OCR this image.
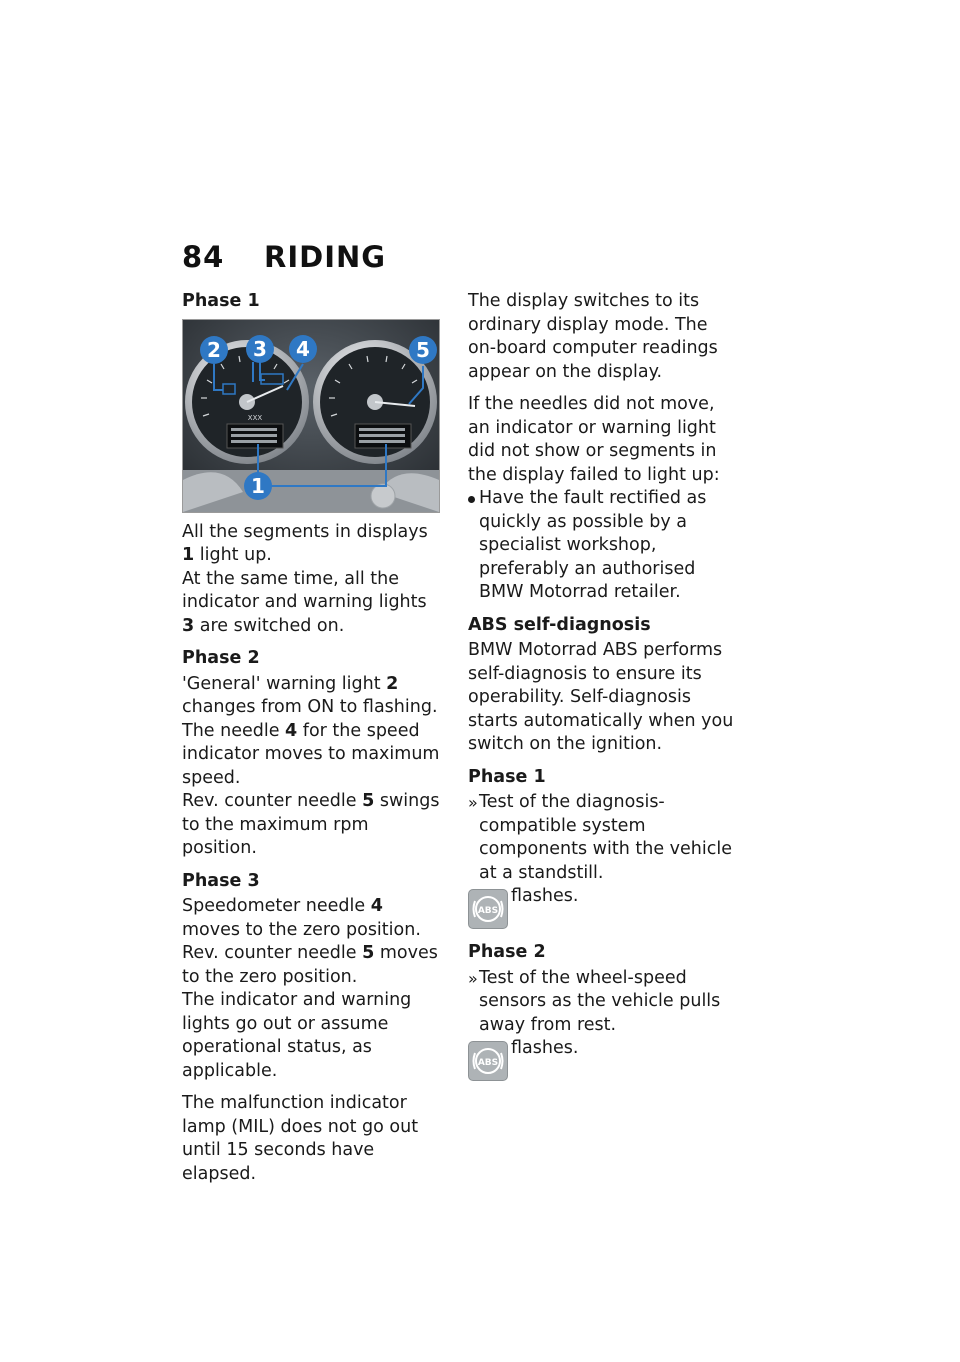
84 RIDING
Phase 1
XXX
2 3 4	5
1

All the segments in displays 1 light up.

At the same time, all the indicator and warning lights 3 are switched on.

Phase 2

'General' warning light 2 changes from ON to flashing.

The needle 4 for the speed indicator moves to maximum speed.

Rev. counter needle 5 swings to the maximum rpm position.

Phase 3

Speedometer needle 4 moves to the zero position.

Rev. counter needle 5 moves to the zero position.

The indicator and warning lights go out or assume operational status, as applicable.

The malfunction indicator lamp (MIL) does not go out until 15 seconds have elapsed.

The display switches to its ordinary display mode. The on-board computer readings appear on the display.

If the needles did not move, an indicator or warning light did not show or segments in the display failed to light up:

Have the fault rectified as quickly as possible by a specialist workshop, preferably an authorised BMW Motorrad retailer.
ABS self-diagnosis

BMW Motorrad ABS performs self-diagnosis to ensure its operability. Self-diagnosis starts automatically when you switch on the ignition.

Phase 1
» Test of the diagnosis-compatible system components with the vehicle at a standstill.
ABS
flashes.
Phase 2
» Test of the wheel-speed sensors as the vehicle pulls away from rest.
ABS
flashes.
